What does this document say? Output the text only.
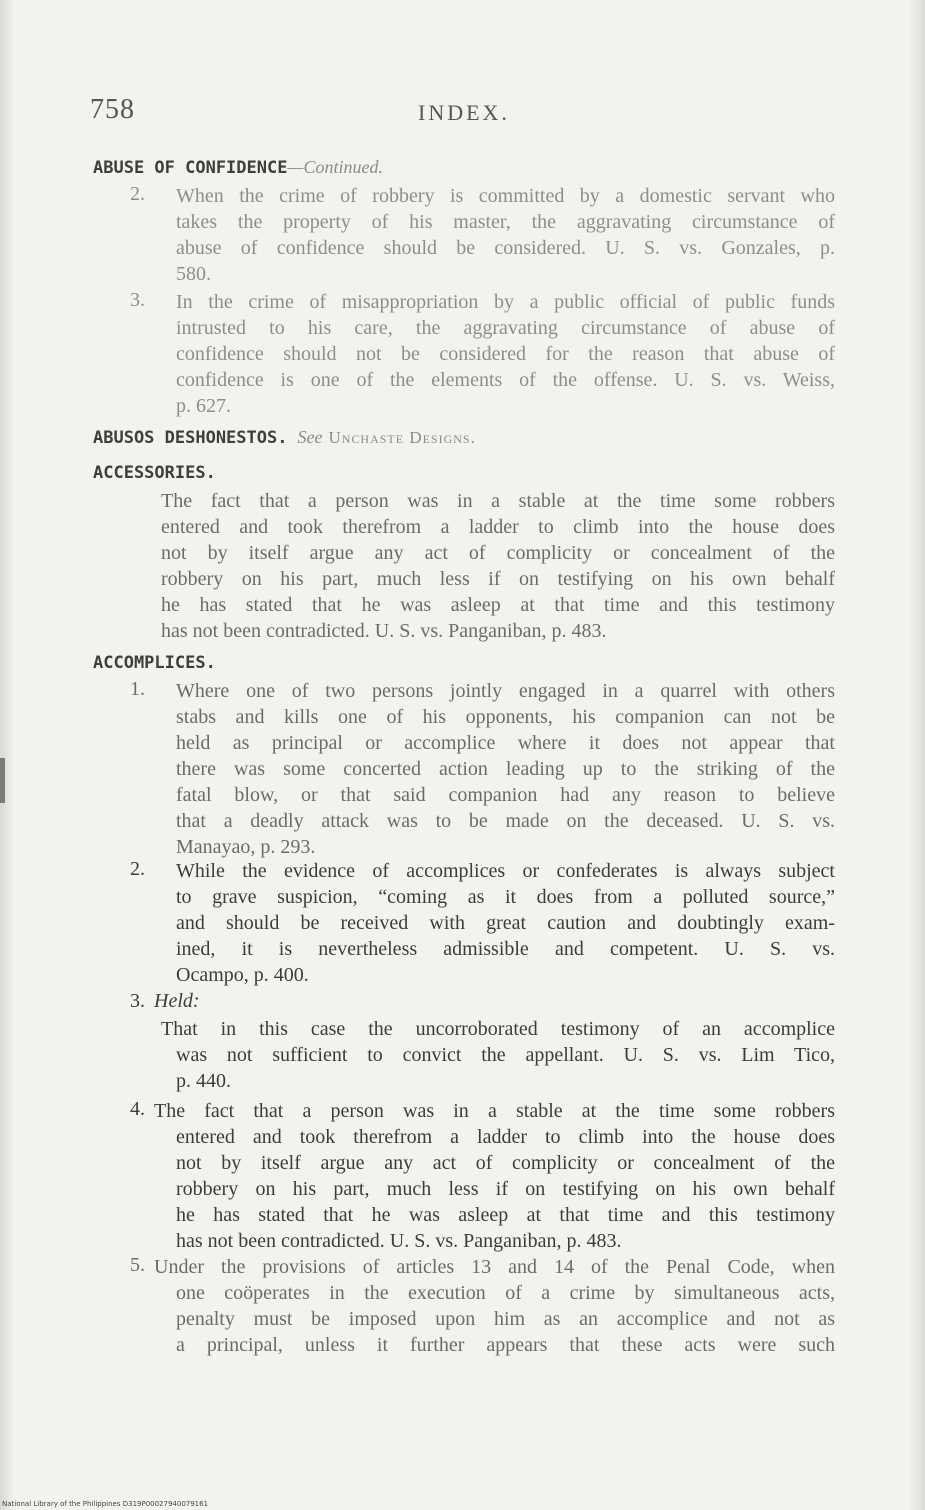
758	INDEX.
ABUSE OF CONFIDENCE—Continued.
2. When the crime of robbery is committed by a domestic servant who
takes the property of his master, the aggravating circumstance of
abuse of confidence should be considered. U. S. vs. Gonzales, p.
580.
3. In the crime of misappropriation by a public official of public funds
intrusted to his care, the aggravating circumstance of abuse of
confidence should not be considered for the reason that abuse of
confidence is one of the elements of the offense. U. S. vs. Weiss,
p. 627.
ABUSOS DESHONESTOS. See Unchaste Designs.
ACCESSORIES.
The fact that a person was in a stable at the time some robbers
entered and took therefrom a ladder to climb into the house does
not by itself argue any act of complicity or concealment of the
robbery on his part, much less if on testifying on his own behalf
he has stated that he was asleep at that time and this testimony
has not been contradicted. U. S. vs. Panganiban, p. 483.
ACCOMPLICES.
1. Where one of two persons jointly engaged in a quarrel with others
stabs and kills one of his opponents, his companion can not be
held as principal or accomplice where it does not appear that
there was some concerted action leading up to the striking of the
fatal blow, or that said companion had any reason to believe
that a deadly attack was to be made on the deceased. U. S. vs.
Manayao, p. 293.
2. While the evidence of accomplices or confederates is always subject
to grave suspicion, “coming as it does from a polluted source,”
and should be received with great caution and doubtingly exam-
ined, it is nevertheless admissible and competent. U. S. vs.
Ocampo, p. 400.
3. Held:
That in this case the uncorroborated testimony of an accomplice
was not sufficient to convict the appellant. U. S. vs. Lim Tico,
p. 440.
4. The fact that a person was in a stable at the time some robbers
entered and took therefrom a ladder to climb into the house does
not by itself argue any act of complicity or concealment of the
robbery on his part, much less if on testifying on his own behalf
he has stated that he was asleep at that time and this testimony
has not been contradicted. U. S. vs. Panganiban, p. 483.
5. Under the provisions of articles 13 and 14 of the Penal Code, when
one coöperates in the execution of a crime by simultaneous acts,
penalty must be imposed upon him as an accomplice and not as
a principal, unless it further appears that these acts were such
National Library of the Philippines D319P00027940079161
